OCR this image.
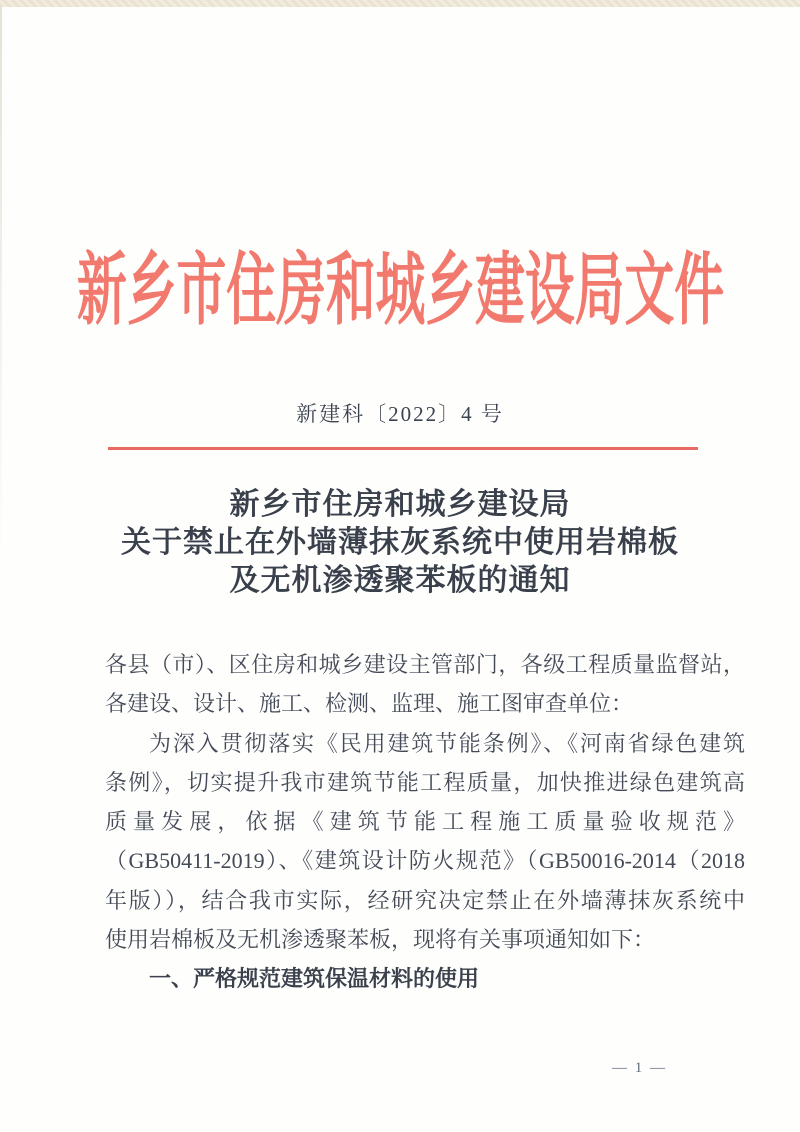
新乡市住房和城乡建设局文件
新建科〔2022〕4 号
新乡市住房和城乡建设局
关于禁止在外墙薄抹灰系统中使用岩棉板
及无机渗透聚苯板的通知
各县（市）、区住房和城乡建设主管部门，各级工程质量监督站，
各建设、设计、施工、检测、监理、施工图审查单位：
为深入贯彻落实《民用建筑节能条例》、《河南省绿色建筑
条例》，切实提升我市建筑节能工程质量，加快推进绿色建筑高
质量发展，依据《建筑节能工程施工质量验收规范》
（GB50411-2019）、《建筑设计防火规范》（GB50016-2014（2018
年版）），结合我市实际，经研究决定禁止在外墙薄抹灰系统中
使用岩棉板及无机渗透聚苯板，现将有关事项通知如下：
一、严格规范建筑保温材料的使用
— 1 —
